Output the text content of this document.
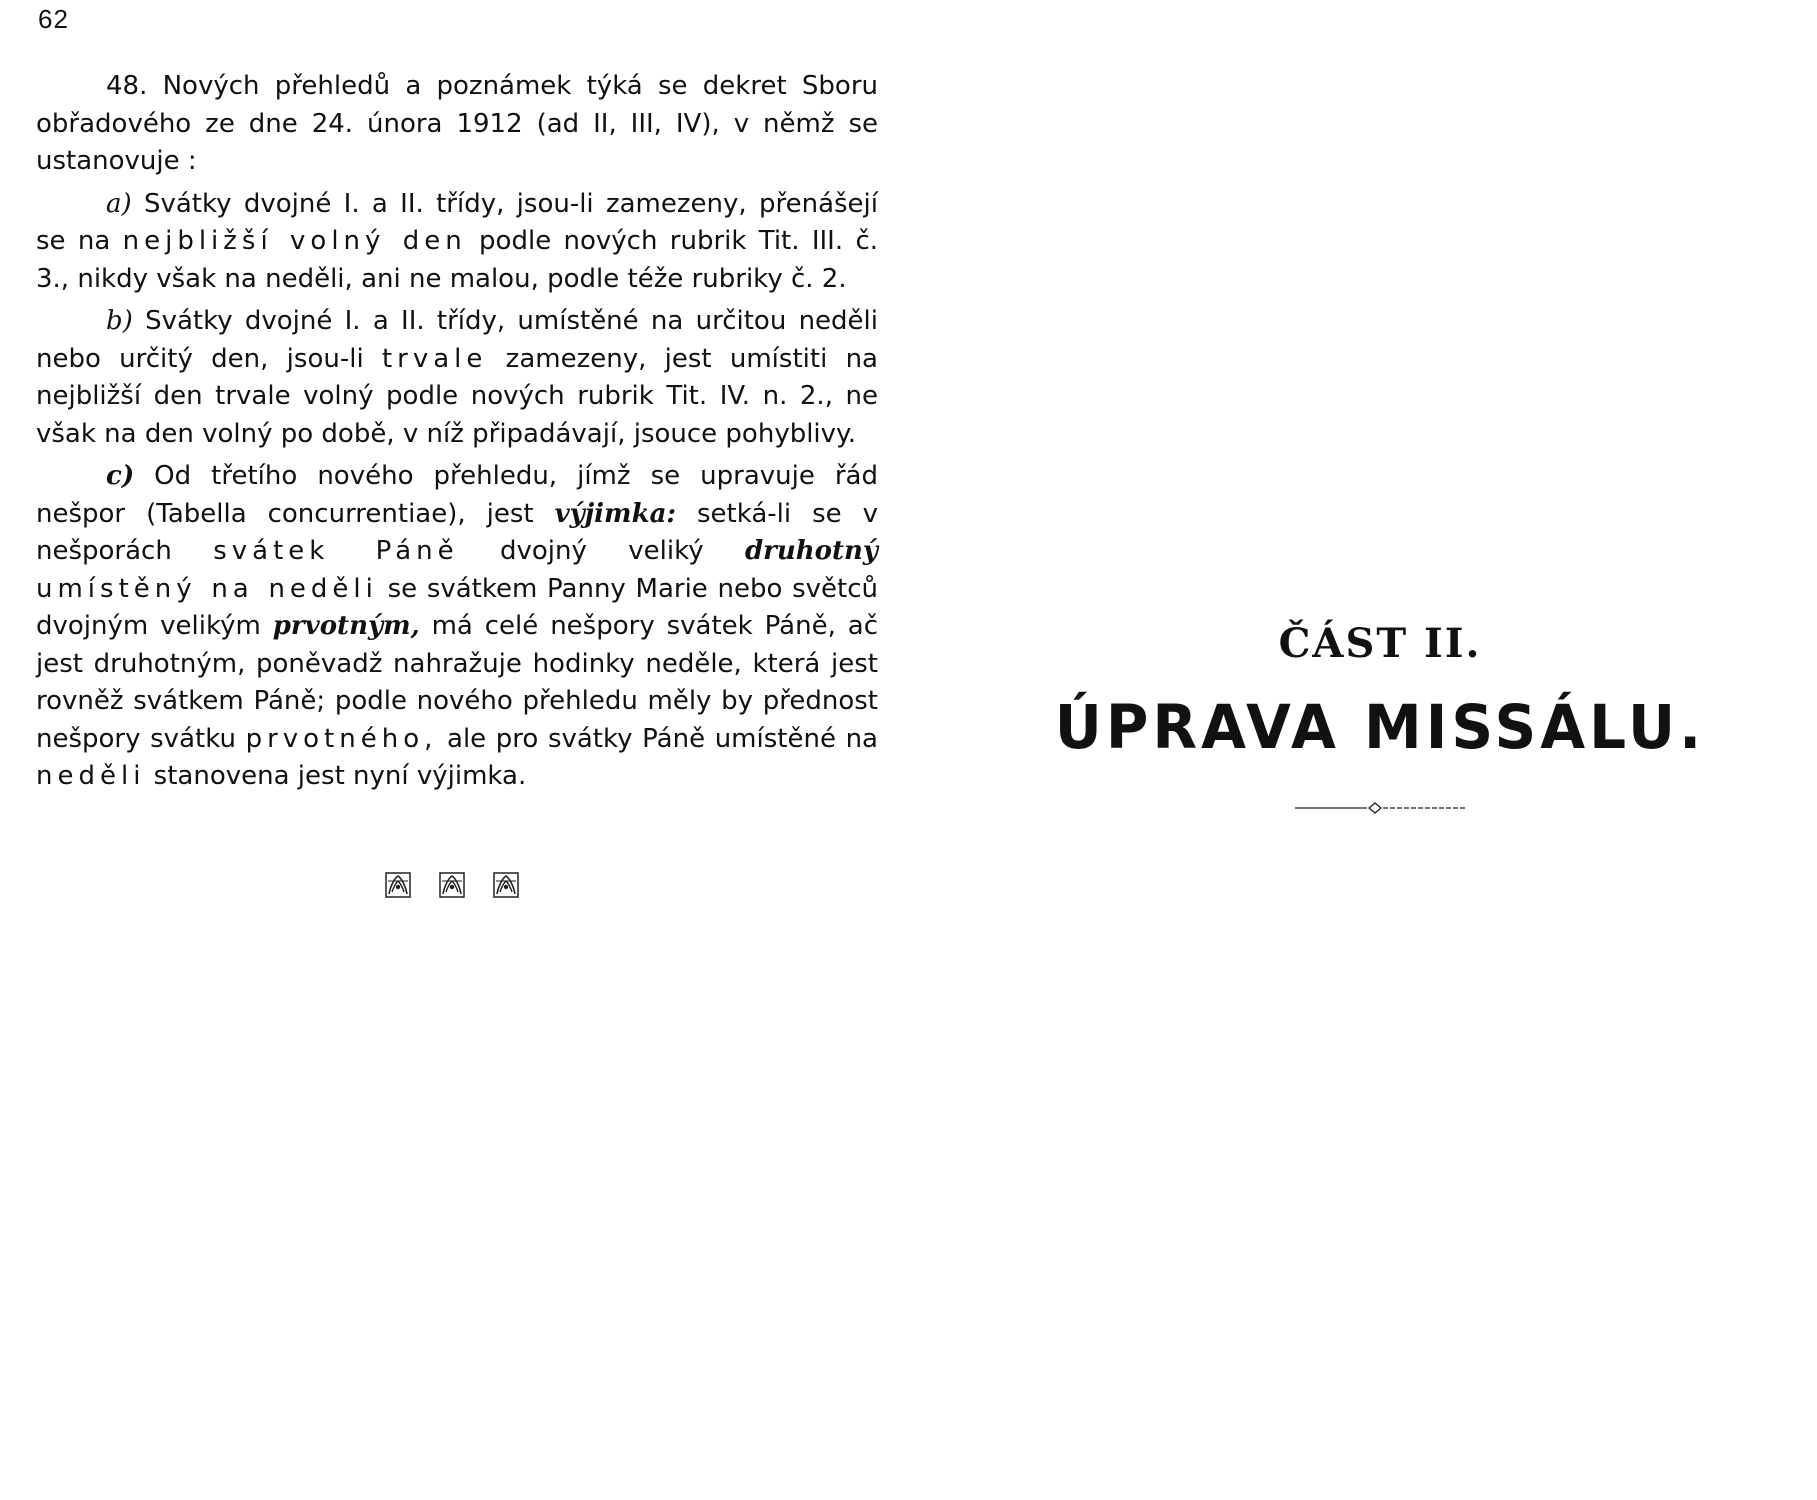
62

48. Nových přehledů a poznámek týká se dekret Sboru obřadového ze dne 24. února 1912 (ad II, III, IV), v němž se ustanovuje :

a) Svátky dvojné I. a II. třídy, jsou-li zamezeny, přenášejí se na nejbližší volný den podle nových rubrik Tit. III. č. 3., nikdy však na neděli, ani ne malou, podle téže rubriky č. 2.

b) Svátky dvojné I. a II. třídy, umístěné na určitou neděli nebo určitý den, jsou-li trvale zamezeny, jest umístiti na nejbližší den trvale volný podle nových rubrik Tit. IV. n. 2., ne však na den volný po době, v níž připadávají, jsouce pohyblivy.

c) Od třetího nového přehledu, jímž se upravuje řád nešpor (Tabella concurrentiae), jest výjimka: setká-li se v nešporách svátek Páně dvojný veliký druhotný umístěný na neděli se svátkem Panny Marie nebo světců dvojným velikým prvotným, má celé nešpory svátek Páně, ač jest druhotným, poněvadž nahražuje hodinky neděle, která jest rovněž svátkem Páně; podle nového přehledu měly by přednost nešpory svátku prvotného, ale pro svátky Páně umístěné na neděli stanovena jest nyní výjimka.

ČÁST II.
ÚPRAVA MISSÁLU.
